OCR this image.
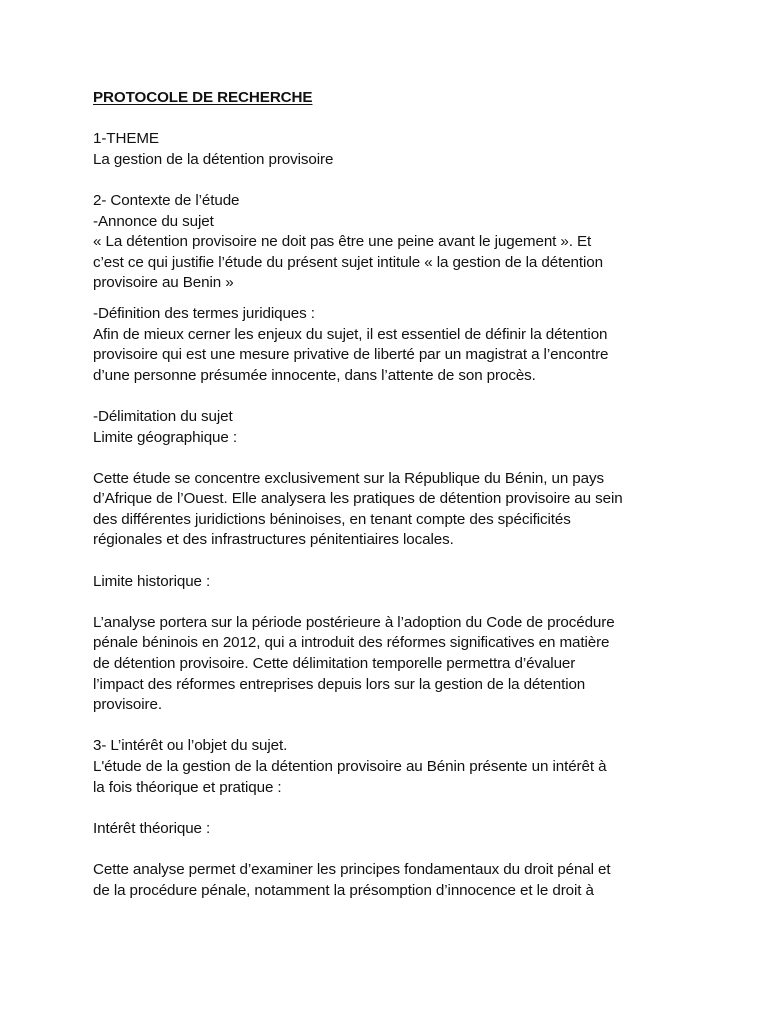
PROTOCOLE DE RECHERCHE

1-THEME

La gestion de la détention provisoire

2- Contexte de l’étude

-Annonce du sujet

« La détention provisoire ne doit pas être une peine avant le jugement ». Et
c’est ce qui justifie l’étude du présent sujet intitule « la gestion de la détention
provisoire au Benin »

-Définition des termes juridiques :

Afin de mieux cerner les enjeux du sujet, il est essentiel de définir la détention
provisoire qui est une mesure privative de liberté par un magistrat a l’encontre
d’une personne présumée innocente, dans l’attente de son procès.

-Délimitation du sujet

Limite géographique :

Cette étude se concentre exclusivement sur la République du Bénin, un pays
d’Afrique de l’Ouest. Elle analysera les pratiques de détention provisoire au sein
des différentes juridictions béninoises, en tenant compte des spécificités
régionales et des infrastructures pénitentiaires locales.

Limite historique :

L’analyse portera sur la période postérieure à l’adoption du Code de procédure
pénale béninois en 2012, qui a introduit des réformes significatives en matière
de détention provisoire. Cette délimitation temporelle permettra d’évaluer
l’impact des réformes entreprises depuis lors sur la gestion de la détention
provisoire.

3- L’intérêt ou l’objet du sujet.

L'étude de la gestion de la détention provisoire au Bénin présente un intérêt à
la fois théorique et pratique :

Intérêt théorique :

Cette analyse permet d’examiner les principes fondamentaux du droit pénal et
de la procédure pénale, notamment la présomption d’innocence et le droit à
